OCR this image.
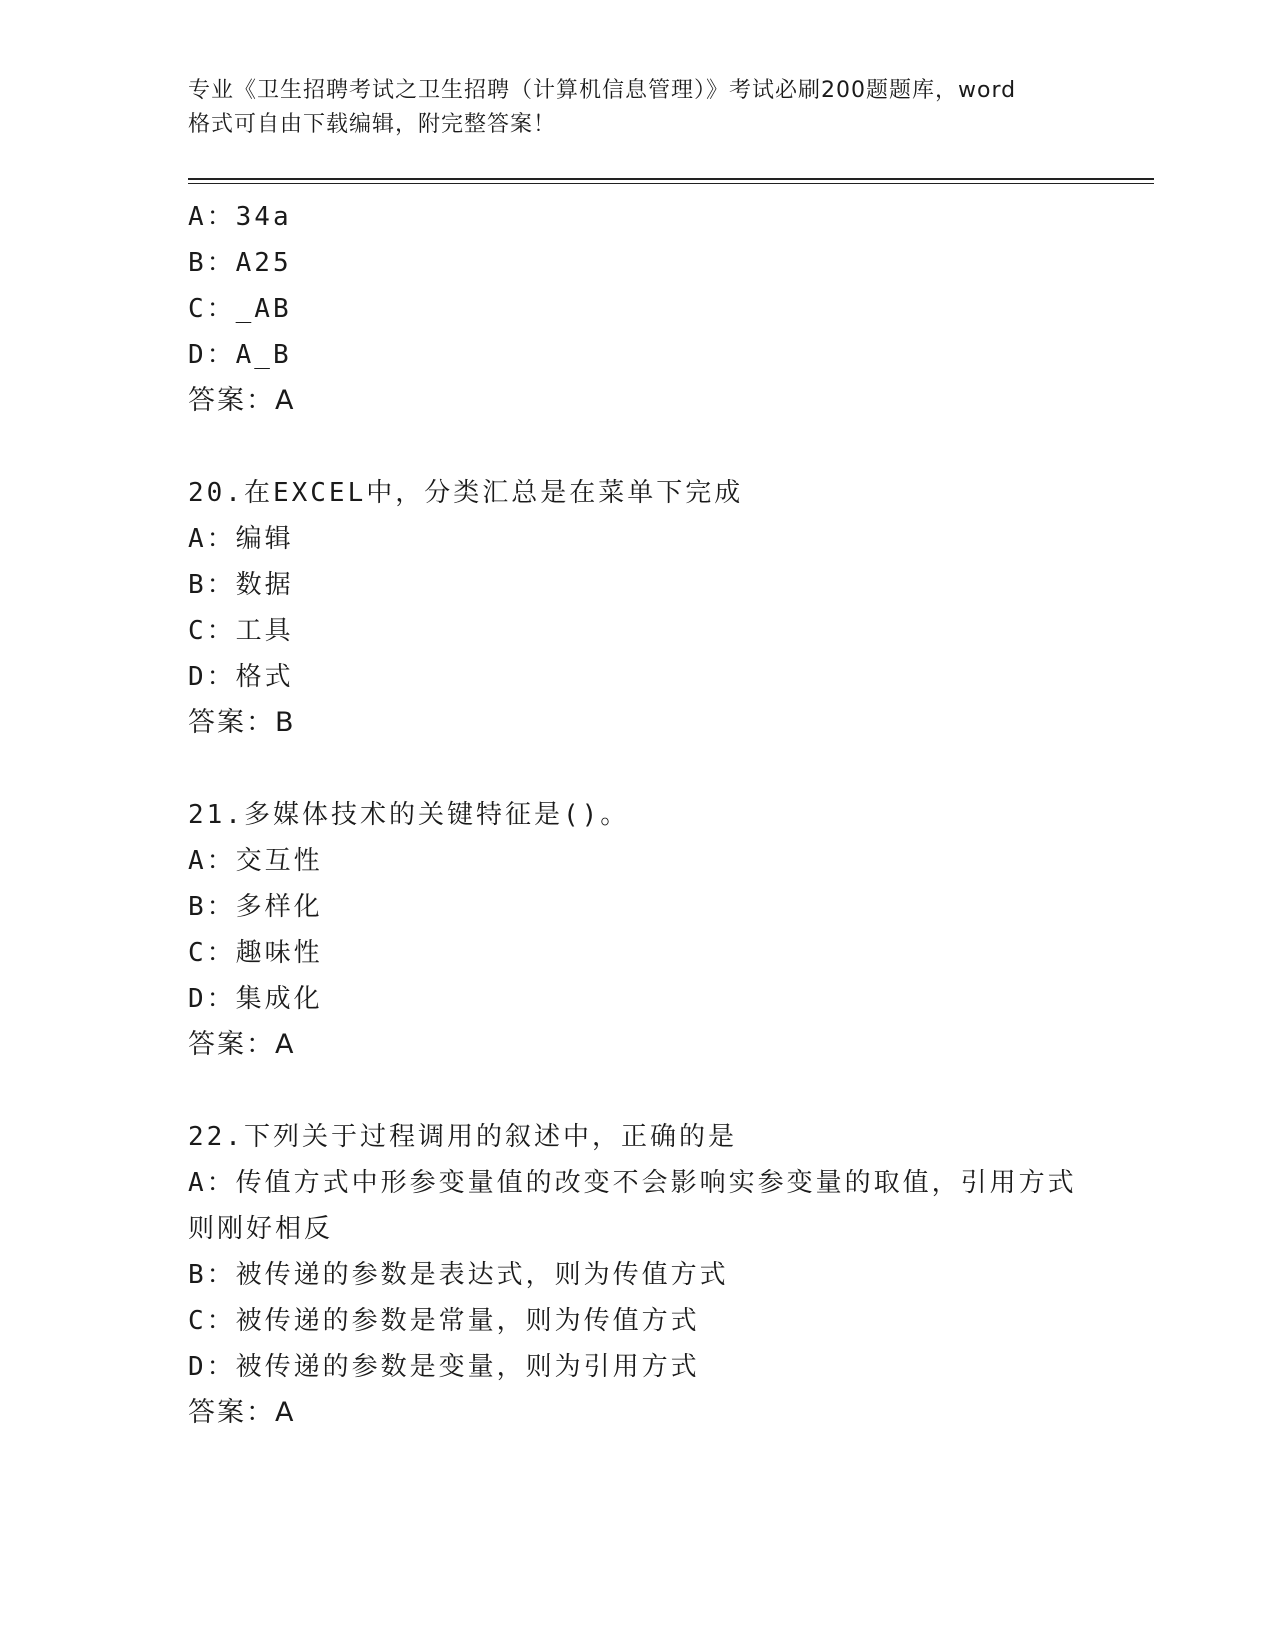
专业《卫生招聘考试之卫生招聘（计算机信息管理）》考试必刷200题题库，word
格式可自由下载编辑，附完整答案！
A：34a
B：A25
C：_AB
D：A_B
答案：A
20.在EXCEL中，分类汇总是在菜单下完成
A：编辑
B：数据
C：工具
D：格式
答案：B
21.多媒体技术的关键特征是()。
A：交互性
B：多样化
C：趣味性
D：集成化
答案：A
22.下列关于过程调用的叙述中，正确的是
A：传值方式中形参变量值的改变不会影响实参变量的取值，引用方式则刚好相反
B：被传递的参数是表达式，则为传值方式
C：被传递的参数是常量，则为传值方式
D：被传递的参数是变量，则为引用方式
答案：A
